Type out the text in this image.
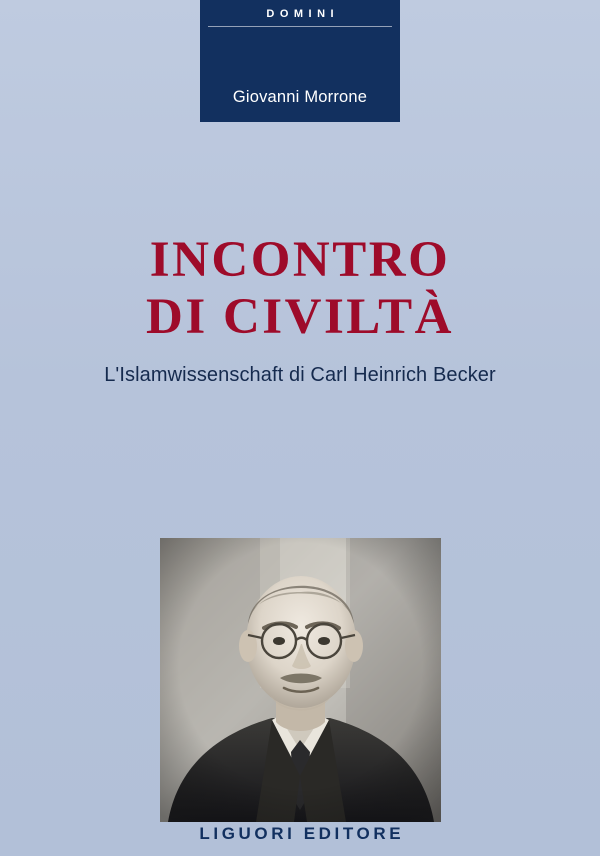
DOMINI
Giovanni Morrone
INCONTRO
DI CIVILTÀ
L'Islamwissenschaft di Carl Heinrich Becker
LIGUORI EDITORE
